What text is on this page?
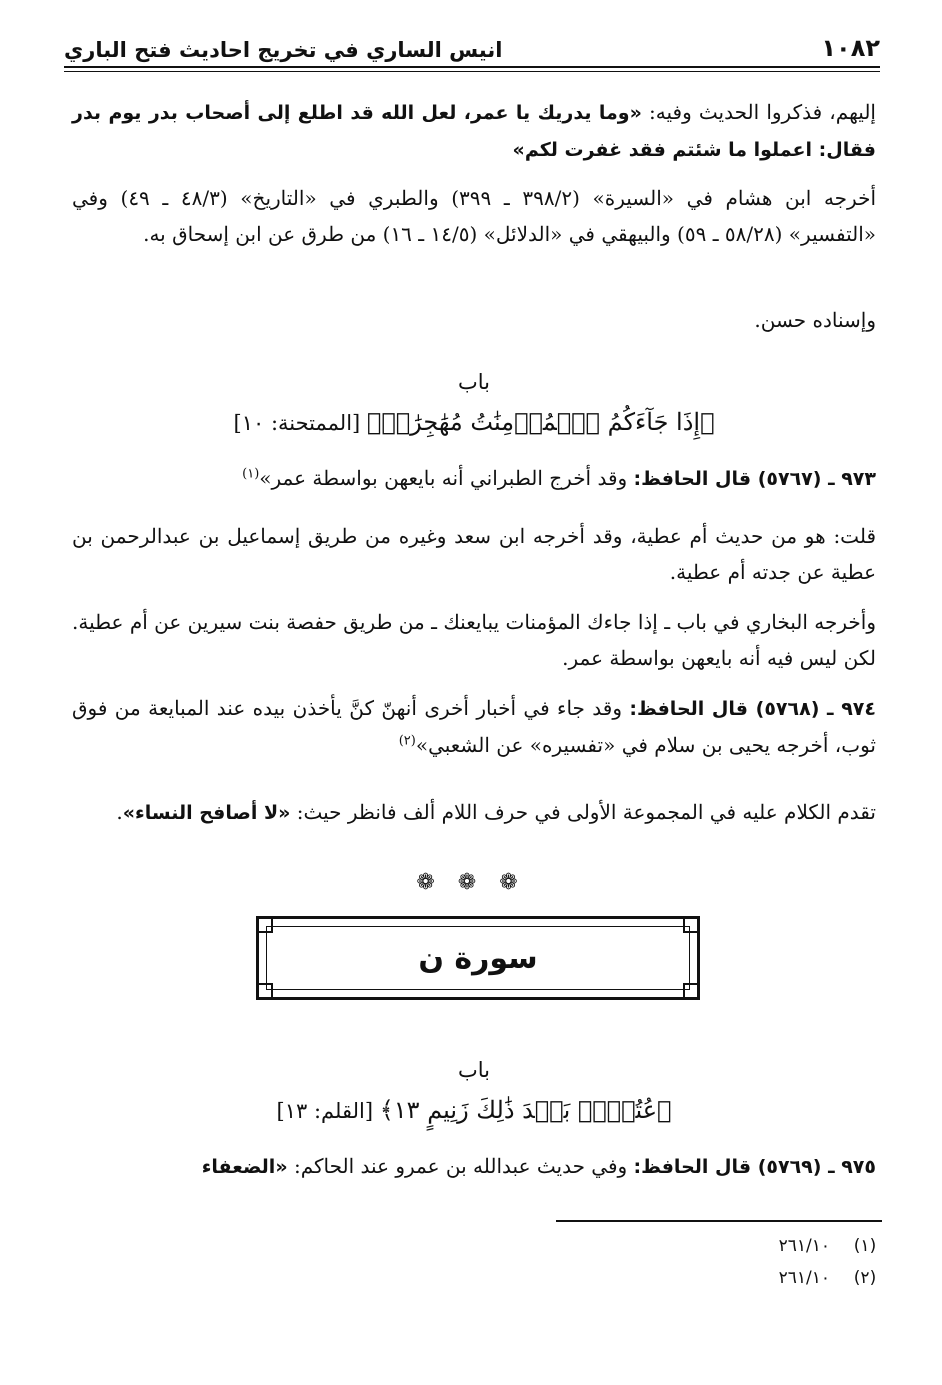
١٠٨٢
انيس الساري في تخريج احاديث فتح الباري
إليهم، فذكروا الحديث وفيه: «وما يدريك يا عمر، لعل الله قد اطلع إلى أصحاب بدر يوم بدر فقال: اعملوا ما شئتم فقد غفرت لكم»
أخرجه ابن هشام في «السيرة» (٣٩٨/٢ ـ ٣٩٩) والطبري في «التاريخ» (٤٨/٣ ـ ٤٩) وفي «التفسير» (٥٨/٢٨ ـ ٥٩) والبيهقي في «الدلائل» (١٤/٥ ـ ١٦) من طرق عن ابن إسحاق به.
وإسناده حسن.
باب
﴿إِذَا جَآءَكُمُ ٱلۡمُؤۡمِنَٰتُ مُهَٰجِرَٰتٖ﴾ [الممتحنة: ١٠]
٩٧٣ ـ (٥٧٦٧) قال الحافظ: وقد أخرج الطبراني أنه بايعهن بواسطة عمر»$^{(١)}$
قلت: هو من حديث أم عطية، وقد أخرجه ابن سعد وغيره من طريق إسماعيل بن عبدالرحمن بن عطية عن جدته أم عطية.
وأخرجه البخاري في باب ـ إذا جاءك المؤمنات يبايعنك ـ من طريق حفصة بنت سيرين عن أم عطية. لكن ليس فيه أنه بايعهن بواسطة عمر.
٩٧٤ ـ (٥٧٦٨) قال الحافظ: وقد جاء في أخبار أخرى أنهنّ كنَّ يأخذن بيده عند المبايعة من فوق ثوب، أخرجه يحيى بن سلام في «تفسيره» عن الشعبي»$^{(٢)}$
تقدم الكلام عليه في المجموعة الأولى في حرف اللام ألف فانظر حيث: «لا أصافح النساء».
❁ ❁ ❁
سورة ن
باب
﴿عُتُلِّۭ بَعۡدَ ذَٰلِكَ زَنِيمٍ ١٣﴾ [القلم: ١٣]
٩٧٥ ـ (٥٧٦٩) قال الحافظ: وفي حديث عبدالله بن عمرو عند الحاكم: «الضعفاء
(١)٢٦١/١٠
(٢)٢٦١/١٠
